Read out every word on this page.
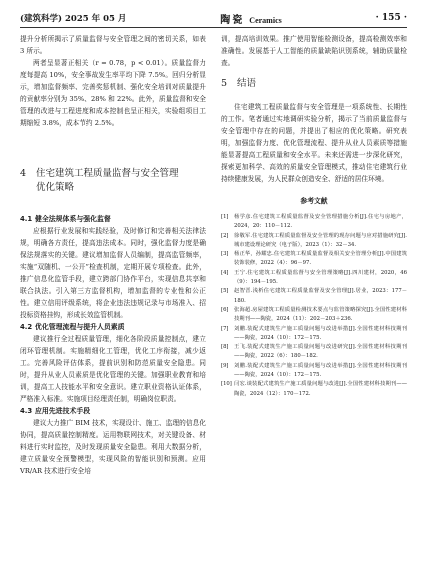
(建筑科学) 2025 年 05 月	陶瓷 Ceramics	· 155 ·

提升分析所揭示了质量监督与安全管理之间的密切关系，如表 3 所示。

两者呈显著正相关（r = 0.78，p < 0.01）。质量监督力度每提高 10%，安全事故发生率平均下降 7.5%。回归分析显示，增加监督频率、完善奖惩机制、强化安全培训对质量提升的贡献率分别为 35%、28% 和 22%。此外，质量监督和安全管理的改进与工程进度和成本控制也呈正相关，实验组项目工期缩短 3.8%，成本节约 2.5%。

4 住宅建筑工程质量监督与安全管理
优化策略
4.1 健全法规体系与强化监督

应根据行业发展和实践经验，及时修订和完善相关法律法规，明确各方责任，提高违法成本。同时，强化监督力度是确保法规落实的关键。建议增加监督人员编制，提高监管频率，实施“双随机、一公开”检查机制，定期开展专项检查。此外，推广信息化监管手段，建立跨部门协作平台，实现信息共享和联合执法。引入第三方监督机构，增加监督的专业性和公正性。建立信用评级系统，将企业违法违规记录与市场准入、招投标资格挂钩，形成长效监管机制。

4.2 优化管理流程与提升人员素质

建议推行全过程质量管理，细化各阶段质量控制点，建立闭环管理机制。实施精细化工管理，优化工序衔接，减少返工。完善风险评估体系，提前识别和防范质量安全隐患。同时，提升从业人员素质是优化管理的关键。加强职业教育和培训，提高工人技能水平和安全意识。建立职业资格认证体系，严格准入标准。实施项目经理责任制，明确岗位职责。

4.3 应用先进技术手段

建议大力推广 BIM 技术，实现设计、施工、监理的信息化协同，提高质量控制精度。运用物联网技术，对关键设备、材料进行实时监控，及时发现质量安全隐患。利用大数据分析，建立质量安全预警模型，实现风险的智能识别和预测。应用 VR/AR 技术进行安全培

训，提高培训效果。推广使用智能检测设备，提高检测效率和准确性。发展基于人工智能的质量缺陷识别系统，辅助质量检查。

5 结语

住宅建筑工程质量监督与安全管理是一项系统性、长期性的工作。笔者通过实地调研实验分析，揭示了当前质量监督与安全管理中存在的问题，并提出了相应的优化策略。研究表明，加强监督力度、优化管理流程、提升从业人员素质等措施能显著提高工程质量和安全水平。未来还需进一步深化研究，探索更加科学、高效的质量安全管理模式，推动住宅建筑行业持续健康发展，为人民群众创造安全、舒适的居住环境。

参考文献
[1]	杨学彦.住宅建筑工程质量监督及安全管理措施分析[J].住宅与房地产，2024，20：110－112.
[2]	徐敬军.住宅建筑工程质量监督及安全管理的现存问题与应对措施研究[J].城市建设理论研究（电子版），2023（1）：32－34.
[3]	杨正华，孙耀忠.住宅建筑工程质量监督及相关安全管理分析[J].中国建筑装饰装修，2022（4）：96－97.
[4]	王宁.住宅建筑工程质量监督与安全管理策略[J].四川建材，2020，46（9）：194－195.
[5]	赵智晋.浅析住宅建筑工程质量监督及安全管理[J].居业，2023：177－180.
[6]	张海超.房屋建筑工程质量检测技术要点与监管策略探究[J].全国性建材科技期刊——陶瓷，2024（11）：202－203＋236.
[7]	刘鹏.装配式建筑生产施工质量问题与改进举措[J].全国性建材科技期刊——陶瓷，2024（10）：172－175.
[8]	王飞.装配式建筑生产施工质量问题与改进研究[J].全国性建材科技期刊——陶瓷，2022（6）：180－182.
[9]	刘鹏.装配式建筑生产施工质量问题与改进举措[J].全国性建材科技期刊——陶瓷，2024（10）：172－175.
[10] 闫宏.谈装配式建筑生产施工质量问题与改进[J].全国性建材科技期刊——陶瓷，2024（12）：170－172.
